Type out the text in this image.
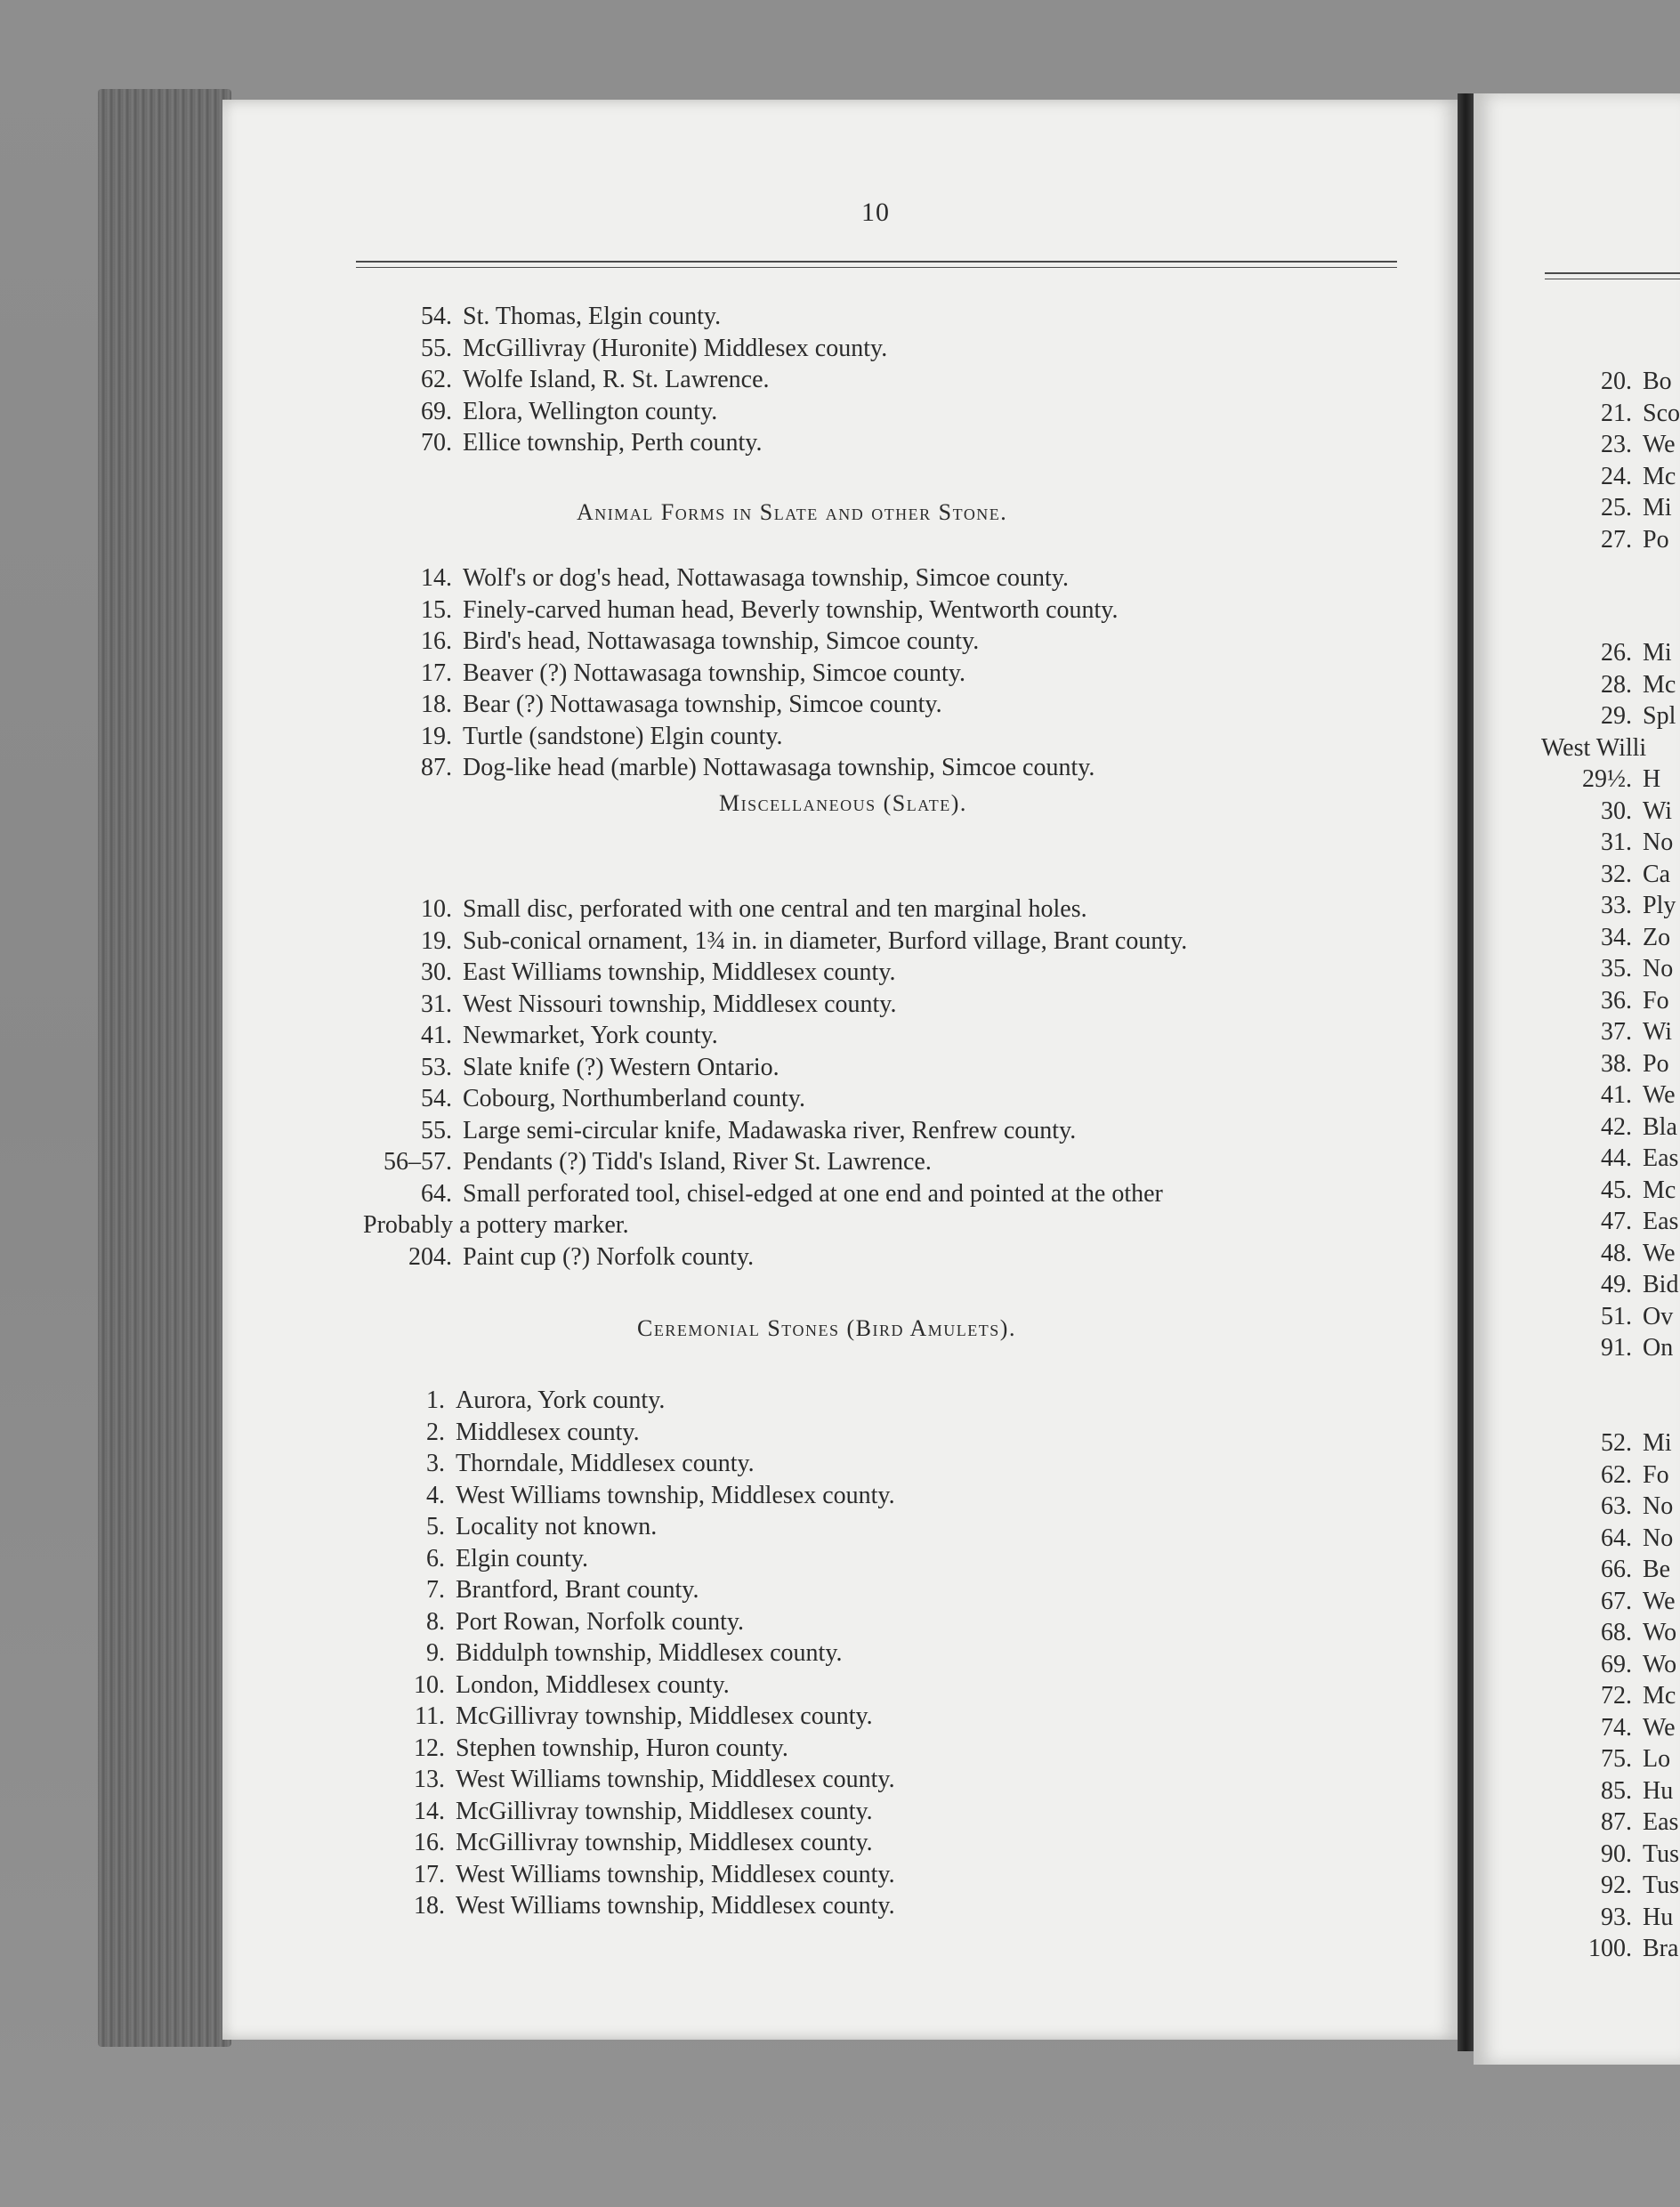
10
54. St. Thomas, Elgin county.
55. McGillivray (Huronite) Middlesex county.
62. Wolfe Island, R. St. Lawrence.
69. Elora, Wellington county.
70. Ellice township, Perth county.
Animal Forms in Slate and other Stone.
14. Wolf's or dog's head, Nottawasaga township, Simcoe county.
15. Finely-carved human head, Beverly township, Wentworth county.
16. Bird's head, Nottawasaga township, Simcoe county.
17. Beaver (?) Nottawasaga township, Simcoe county.
18. Bear (?) Nottawasaga township, Simcoe county.
19. Turtle (sandstone) Elgin county.
87. Dog-like head (marble) Nottawasaga township, Simcoe county.
Miscellaneous (Slate).
10. Small disc, perforated with one central and ten marginal holes.
19. Sub-conical ornament, 1¾ in. in diameter, Burford village, Brant county.
30. East Williams township, Middlesex county.
31. West Nissouri township, Middlesex county.
41. Newmarket, York county.
53. Slate knife (?) Western Ontario.
54. Cobourg, Northumberland county.
55. Large semi-circular knife, Madawaska river, Renfrew county.
56–57. Pendants (?) Tidd's Island, River St. Lawrence.
64. Small perforated tool, chisel-edged at one end and pointed at the other
Probably a pottery marker.
204. Paint cup (?) Norfolk county.
Ceremonial Stones (Bird Amulets).
1. Aurora, York county.
2. Middlesex county.
3. Thorndale, Middlesex county.
4. West Williams township, Middlesex county.
5. Locality not known.
6. Elgin county.
7. Brantford, Brant county.
8. Port Rowan, Norfolk county.
9. Biddulph township, Middlesex county.
10. London, Middlesex county.
11. McGillivray township, Middlesex county.
12. Stephen township, Huron county.
13. West Williams township, Middlesex county.
14. McGillivray township, Middlesex county.
16. McGillivray township, Middlesex county.
17. West Williams township, Middlesex county.
18. West Williams township, Middlesex county.
20. Bo
21. Sco
23. We
24. Mc
25. Mi
27. Po
26. Mi
28. Mc
29. Spl
West Willi
29½. H
30. Wi
31. No
32. Ca
33. Ply
34. Zo
35. No
36. Fo
37. Wi
38. Po
41. We
42. Bla
44. Eas
45. Mc
47. Eas
48. We
49. Bid
51. Ov
91. On
52. Mi
62. Fo
63. No
64. No
66. Be
67. We
68. Wo
69. Wo
72. Mc
74. We
75. Lo
85. Hu
87. Eas
90. Tus
92. Tus
93. Hu
100. Bra
